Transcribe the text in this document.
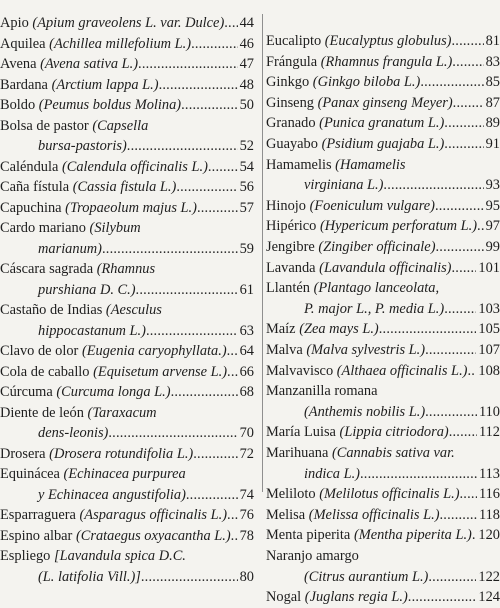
Apio
(Apium graveolens L. var. Dulce) ..... 44
Aquilea
(Achillea millefolium L.) .....	46
Avena
(Avena sativa L.) .....	47
Bardana
(Arctium lappa L.) .....	48
Boldo
(Peumus boldus Molina) .....	50
Bolsa de pastor
(Capsella
bursa-pastoris) .....	52
Caléndula
(Calendula officinalis L.) ..... 54
Caña fístula
(Cassia fistula L.) .....	56
Capuchina
(Tropaeolum majus L.) .....	57
Cardo mariano
(Silybum
marianum) .....	59
Cáscara sagrada
(Rhamnus
purshiana D. C.) .....	61
Castaño de Indias
(Aesculus
hippocastanum L.) .....	63
Clavo de olor
(Eugenia caryophyllata.) ..... 64
Cola de caballo
(Equisetum arvense L.) ..... 66
Cúrcuma
(Curcuma longa L.) .....	68
Diente de león
(Taraxacum
dens-leonis) .....	70
Drosera
(Drosera rotundifolia L.) .....	72
Equinácea
(Echinacea purpurea
y Echinacea angustifolia) .....	74
Esparraguera
(Asparagus officinalis L.) ..... 76
Espino albar
(Crataegus oxyacantha L.) ..... 78
Espliego
[Lavandula spica D.C.
(L. latifolia Vill.)] .....	80
Eucalipto
(Eucalyptus globulus) ..... 81
Frángula
(Rhamnus frangula L.) ..... 83
Ginkgo
(Ginkgo biloba L.) .....	85
Ginseng
(Panax ginseng Meyer) ..... 87
Granado
(Punica granatum L.) .....	89
Guayabo
(Psidium guajaba L.) .....	91
Hamamelis
(Hamamelis
virginiana L.) .....	93
Hinojo
(Foeniculum vulgare) .....	95
Hipérico
(Hypericum perforatum L.) ..... 97
Jengibre
(Zingiber officinale) .....	99
Lavanda
(Lavandula officinalis) ..... 101
Llantén
(Plantago lanceolata,
P. major L., P. media L.) ..... 103
Maíz
(Zea mays L.) .....	105
Malva
(Malva sylvestris L.) .....	107
Malvavisco
(Althaea officinalis L.) ..... 108
Manzanilla romana
(Anthemis nobilis L.) .....	110
María Luisa
(Lippia citriodora) ..... 112
Marihuana
(Cannabis sativa var.
indica L.) .....	113
Meliloto
(Melilotus officinalis L.) ..... 116
Melisa
(Melissa officinalis L.) .....	118
Menta piperita
(Mentha piperita L.) ..... 120
Naranjo amargo
(Citrus aurantium L.) .....	122
Nogal
(Juglans regia L.) .....	124
